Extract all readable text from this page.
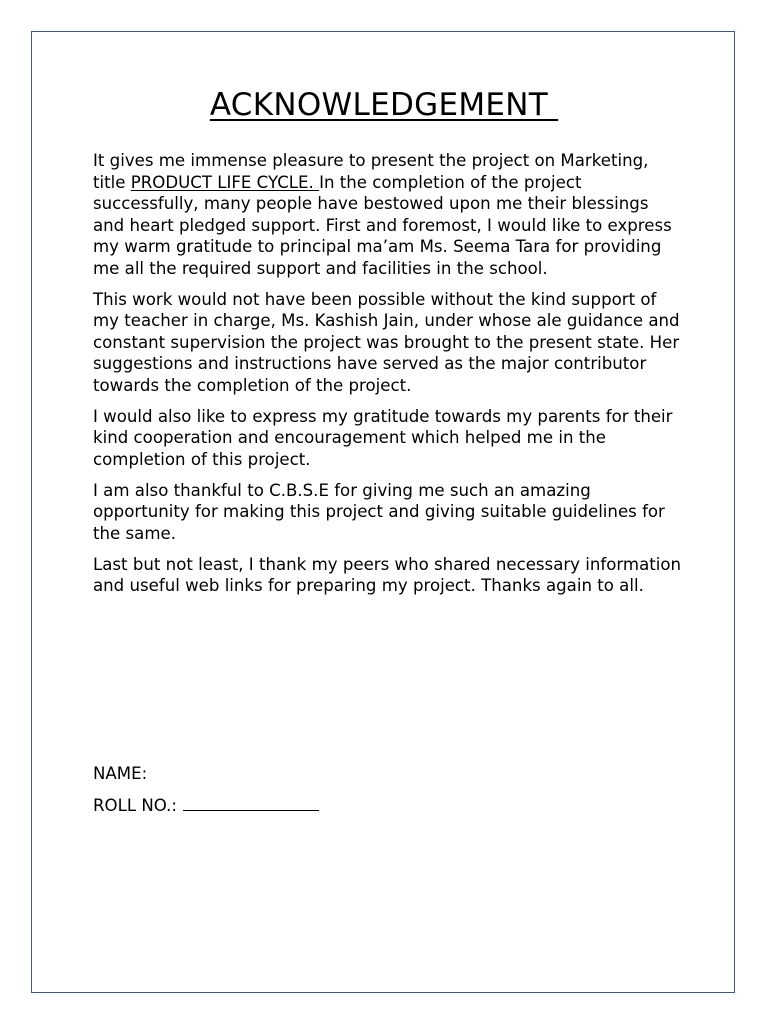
ACKNOWLEDGEMENT

It gives me immense pleasure to present the project on Marketing, title PRODUCT LIFE CYCLE. In the completion of the project successfully, many people have bestowed upon me their blessings and heart pledged support. First and foremost, I would like to express my warm gratitude to principal ma’am Ms. Seema Tara for providing me all the required support and facilities in the school.

This work would not have been possible without the kind support of my teacher in charge, Ms. Kashish Jain, under whose ale guidance and constant supervision the project was brought to the present state. Her suggestions and instructions have served as the major contributor towards the completion of the project.

I would also like to express my gratitude towards my parents for their kind cooperation and encouragement which helped me in the completion of this project.

I am also thankful to C.B.S.E for giving me such an amazing opportunity for making this project and giving suitable guidelines for the same.

Last but not least, I thank my peers who shared necessary information and useful web links for preparing my project. Thanks again to all.

NAME:
ROLL NO.:
